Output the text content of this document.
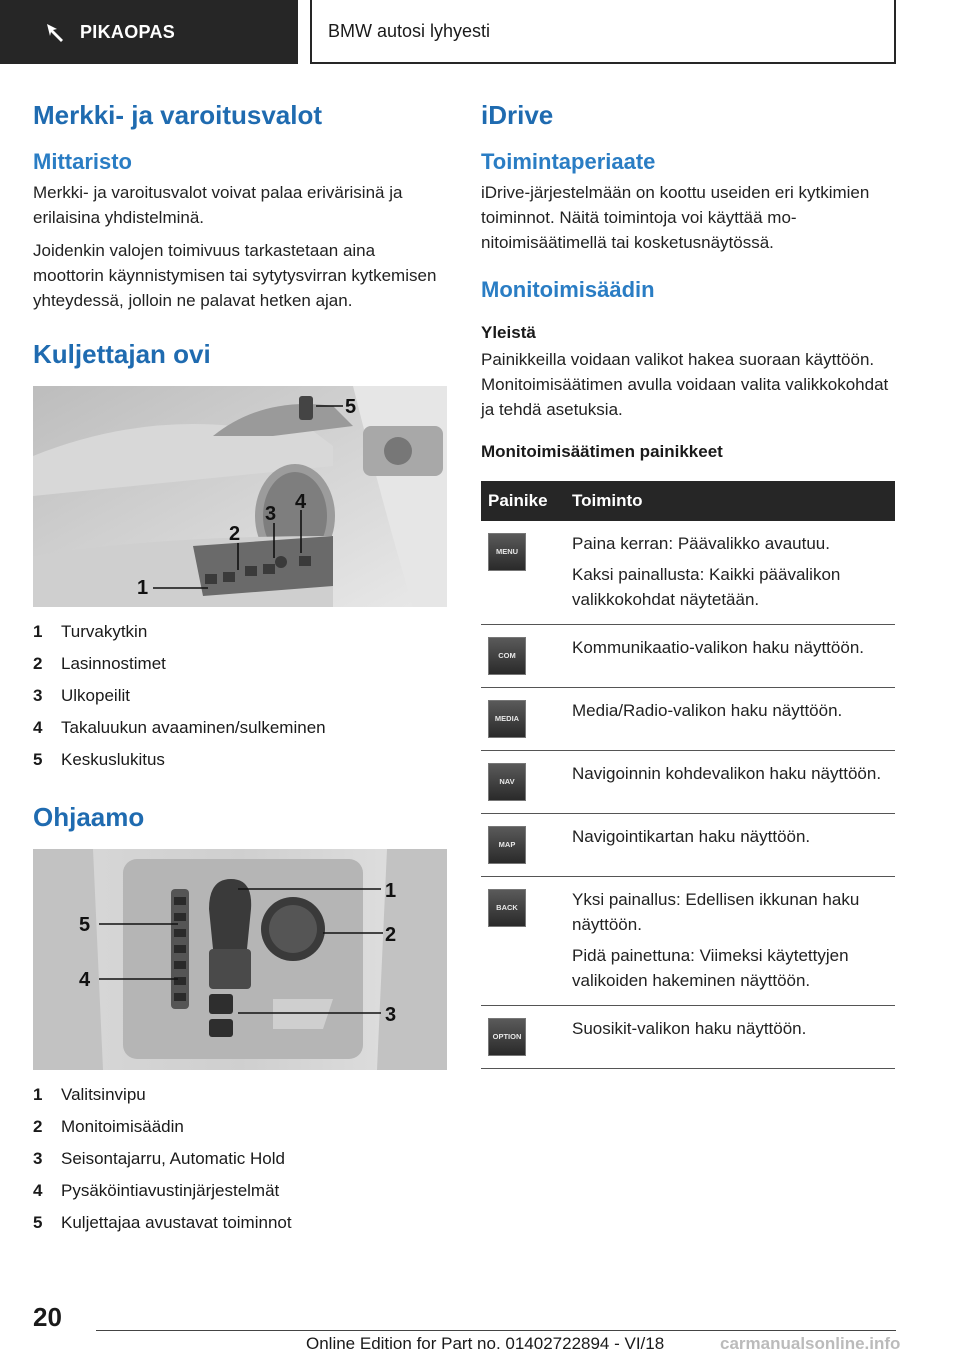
PIKAOPAS	BMW autosi lyhyesti
Merkki- ja varoitusvalot
Mittaristo

Merkki- ja varoitusvalot voivat palaa erivärisinä ja erilaisina yhdistelminä.

Joidenkin valojen toimivuus tarkastetaan aina moottorin käynnistymisen tai sytytysvirran kytkemisen yhteydessä, jolloin ne palavat hetken ajan.

Kuljettajan ovi
1
2
3
4
5
1	Turvakytkin
2	Lasinnostimet
3	Ulkopeilit
4	Takaluukun avaaminen/sulkeminen
5	Keskuslukitus
Ohjaamo
1
2
3
4
5
1	Valitsinvipu
2	Monitoimisäädin
3	Seisontajarru, Automatic Hold
4	Pysäköintiavustinjärjestelmät
5	Kuljettajaa avustavat toiminnot
iDrive
Toimintaperiaate

iDrive-järjestelmään on koottu useiden eri kytkimien toiminnot. Näitä toimintoja voi käyttää monitoimisäätimellä tai kosketusnäytössä.

Monitoimisäädin
Yleistä

Painikkeilla voidaan valikot hakea suoraan käyttöön. Monitoimisäätimen avulla voidaan valita valikkokohdat ja tehdä asetuksia.

Monitoimisäätimen painikkeet
Painike	Toiminto

MENU	Paina kerran: Päävalikko avautuu.

Kaksi painallusta: Kaikki päävalikon valikkokohdat näytetään.

COM	Kommunikaatio-valikon haku näyttöön.

MEDIA	Media/Radio-valikon haku näyttöön.

NAV	Navigoinnin kohdevalikon haku näyttöön.

MAP	Navigointikartan haku näyttöön.

BACK	Yksi painallus: Edellisen ikkunan haku näyttöön.

Pidä painettuna: Viimeksi käytettyjen valikoiden hakeminen näyttöön.

OPTION	Suosikit-valikon haku näyttöön.

20
Online Edition for Part no. 01402722894 - VI/18	carmanualsonline.info
